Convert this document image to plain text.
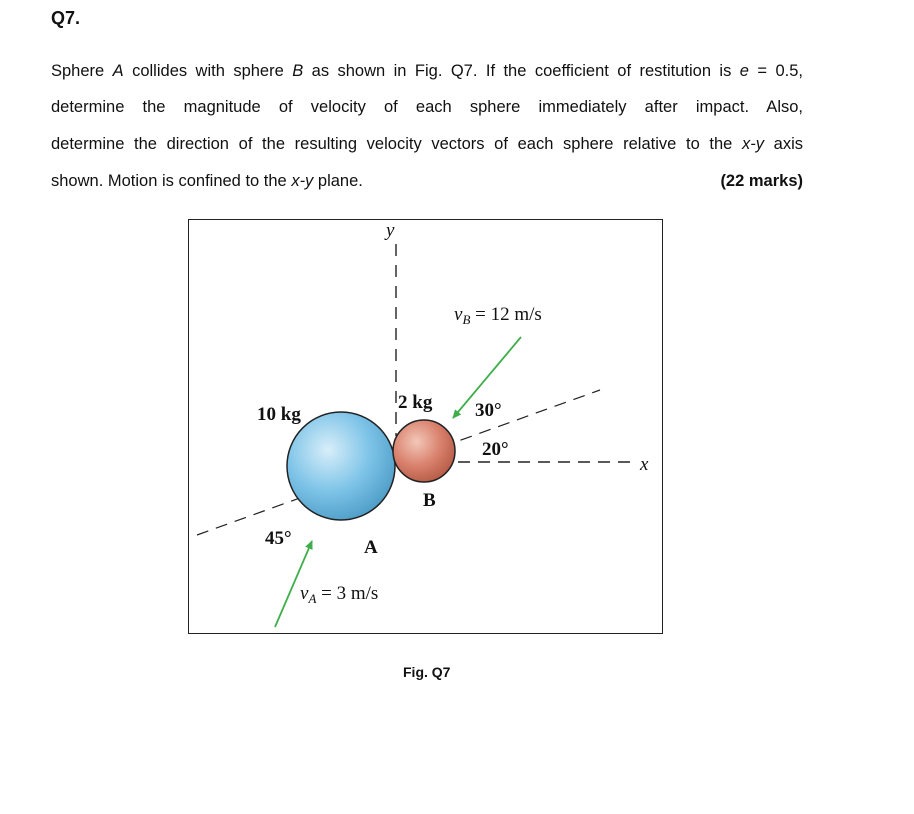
Q7.
Sphere A collides with sphere B as shown in Fig. Q7. If the coefficient of restitution is e = 0.5,
determine the magnitude of velocity of each sphere immediately after impact. Also,
determine the direction of the resulting velocity vectors of each sphere relative to the x-y axis
shown. Motion is confined to the x-y plane.	(22 marks)
y
x
10 kg
2 kg
A
B
$v_B = 12$ m/s
$v_A = 3$ m/s
30°
20°
45°
Fig. Q7
